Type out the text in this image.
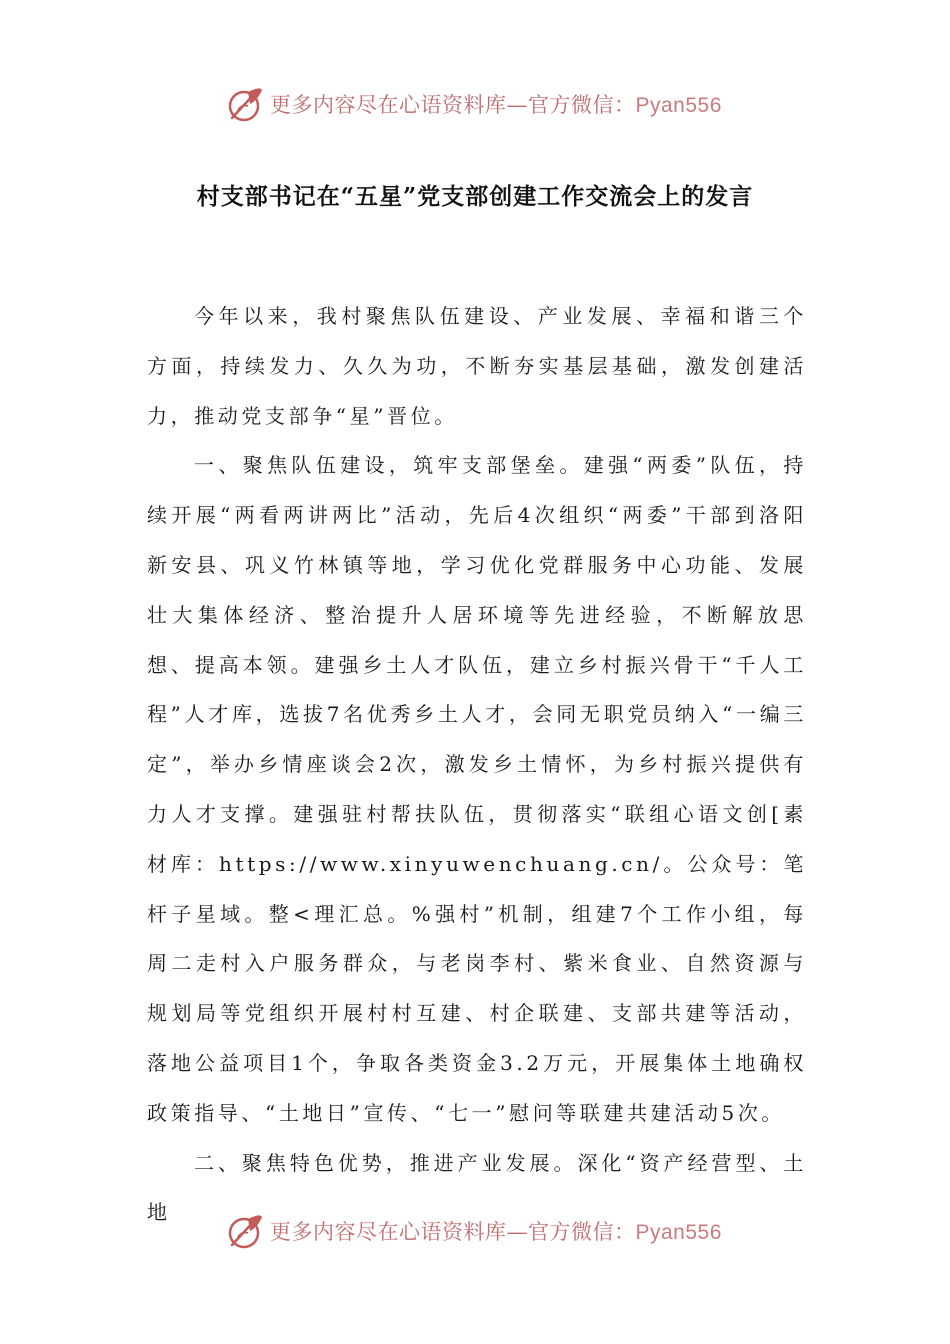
更多内容尽在心语资料库—官方微信：Pyan556
村支部书记在“五星”党支部创建工作交流会上的发言

今年以来，我村聚焦队伍建设、产业发展、幸福和谐三个方面，持续发力、久久为功，不断夯实基层基础，激发创建活力，推动党支部争“星”晋位。

一、聚焦队伍建设，筑牢支部堡垒。建强“两委”队伍，持续开展“两看两讲两比”活动，先后4次组织“两委”干部到洛阳新安县、巩义竹林镇等地，学习优化党群服务中心功能、发展壮大集体经济、整治提升人居环境等先进经验，不断解放思想、提高本领。建强乡土人才队伍，建立乡村振兴骨干“千人工程”人才库，选拔7名优秀乡土人才，会同无职党员纳入“一编三定”，举办乡情座谈会2次，激发乡土情怀，为乡村振兴提供有力人才支撑。建强驻村帮扶队伍，贯彻落实“联组心语文创[素材库：https://www.xinyuwenchuang.cn/。公众号：笔杆子星域。整<理汇总。%强村”机制，组建7个工作小组，每周二走村入户服务群众，与老岗李村、紫米食业、自然资源与规划局等党组织开展村村互建、村企联建、支部共建等活动，落地公益项目1个，争取各类资金3.2万元，开展集体土地确权政策指导、“土地日”宣传、“七一”慰问等联建共建活动5次。

二、聚焦特色优势，推进产业发展。深化“资产经营型、土地

更多内容尽在心语资料库—官方微信：Pyan556
